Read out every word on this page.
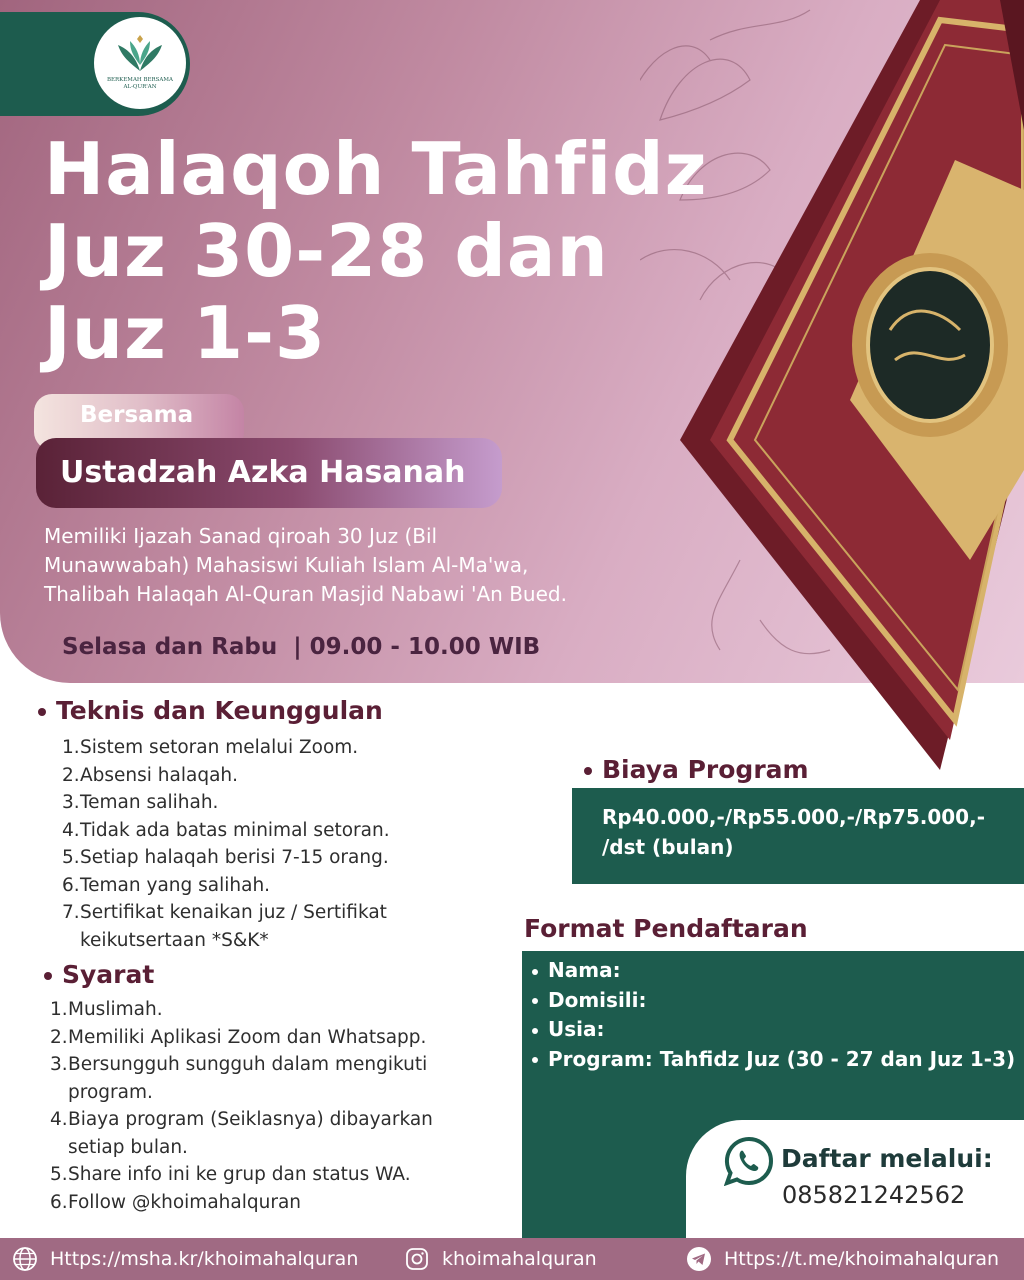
BERKEMAH BERSAMA
AL-QUR'AN
Halaqoh Tahfidz
Juz 30-28 dan
Juz 1-3
Bersama
Ustadzah Azka Hasanah
Memiliki Ijazah Sanad qiroah 30 Juz (Bil
Munawwabah) Mahasiswi Kuliah Islam Al-Ma'wa,
Thalibah Halaqah Al-Quran Masjid Nabawi 'An Bued.
Selasa dan Rabu  | 09.00 - 10.00 WIB
Teknis dan Keunggulan
1. Sistem setoran melalui Zoom.
2. Absensi halaqah.
3. Teman salihah.
4. Tidak ada batas minimal setoran.
5. Setiap halaqah berisi 7-15 orang.
6. Teman yang salihah.
7. Sertifikat kenaikan juz / Sertifikat keikutsertaan *S&K*
Syarat
1. Muslimah.
2. Memiliki Aplikasi Zoom dan Whatsapp.
3. Bersungguh sungguh dalam mengikuti program.
4. Biaya program (Seiklasnya) dibayarkan setiap bulan.
5. Share info ini ke grup dan status WA.
6. Follow @khoimahalquran
Biaya Program
Rp40.000,-/Rp55.000,-/Rp75.000,-
/dst (bulan)
Format Pendaftaran
Nama:
Domisili:
Usia:
Program: Tahfidz Juz (30 - 27 dan Juz 1-3)
Daftar melalui:
085821242562
Https://msha.kr/khoimahalquran	khoimahalquran	Https://t.me/khoimahalquran
